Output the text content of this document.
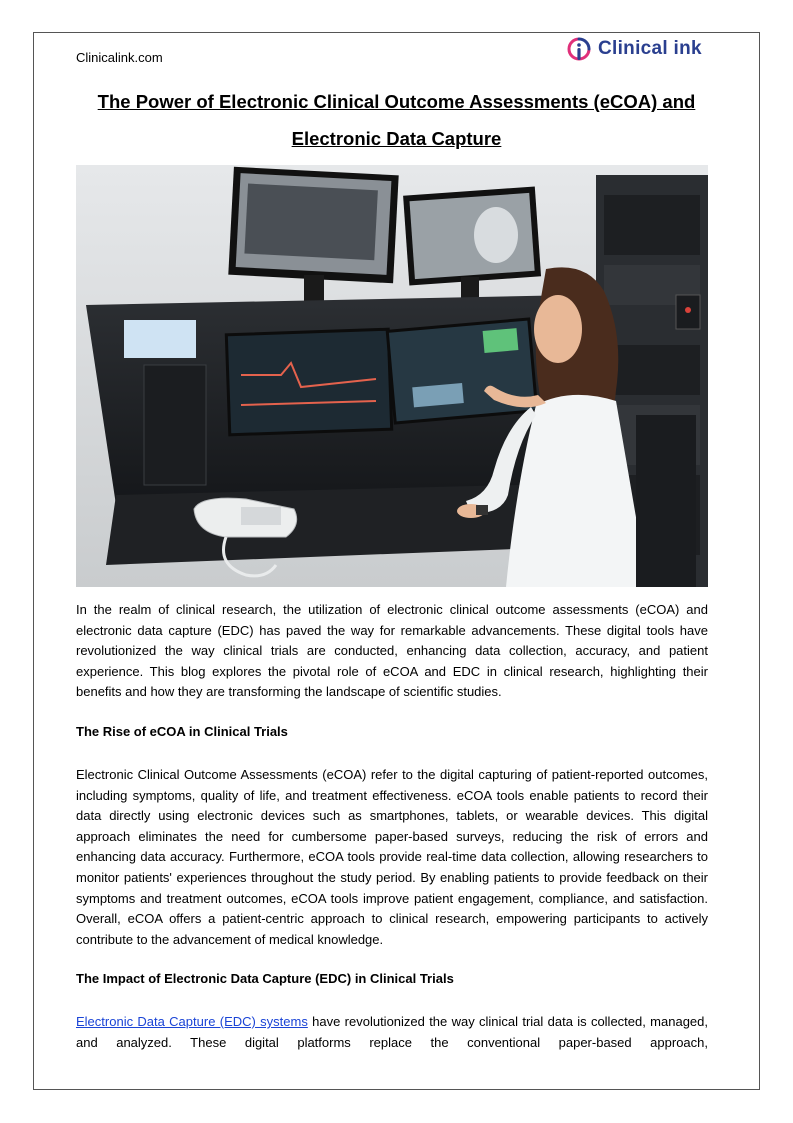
Clinicalink.com	Clinical ink
The Power of Electronic Clinical Outcome Assessments (eCOA) and
Electronic Data Capture

In the realm of clinical research, the utilization of electronic clinical outcome assessments (eCOA) and electronic data capture (EDC) has paved the way for remarkable advancements. These digital tools have revolutionized the way clinical trials are conducted, enhancing data collection, accuracy, and patient experience. This blog explores the pivotal role of eCOA and EDC in clinical research, highlighting their benefits and how they are transforming the landscape of scientific studies.

The Rise of eCOA in Clinical Trials

Electronic Clinical Outcome Assessments (eCOA) refer to the digital capturing of patient-reported outcomes, including symptoms, quality of life, and treatment effectiveness. eCOA tools enable patients to record their data directly using electronic devices such as smartphones, tablets, or wearable devices. This digital approach eliminates the need for cumbersome paper-based surveys, reducing the risk of errors and enhancing data accuracy. Furthermore, eCOA tools provide real-time data collection, allowing researchers to monitor patients' experiences throughout the study period. By enabling patients to provide feedback on their symptoms and treatment outcomes, eCOA tools improve patient engagement, compliance, and satisfaction. Overall, eCOA offers a patient-centric approach to clinical research, empowering participants to actively contribute to the advancement of medical knowledge.

The Impact of Electronic Data Capture (EDC) in Clinical Trials

Electronic Data Capture (EDC) systems have revolutionized the way clinical trial data is collected, managed, and analyzed. These digital platforms replace the conventional paper-based approach,
